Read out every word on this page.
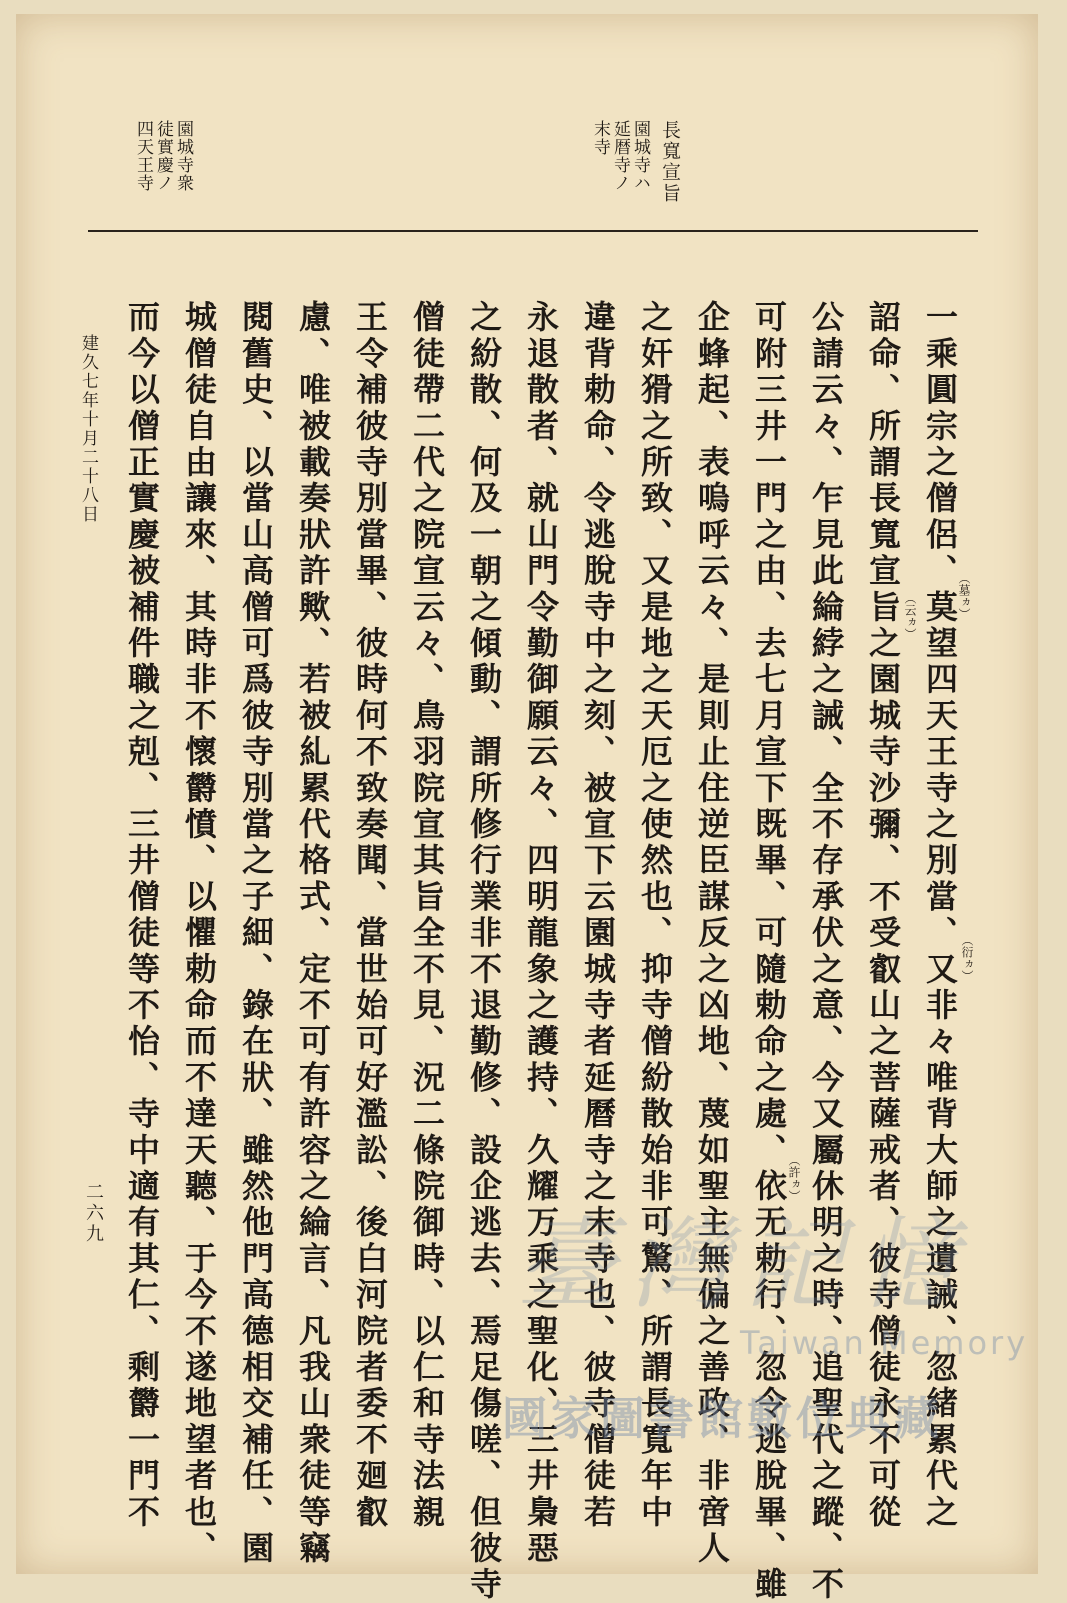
長寬宣旨
園城寺ハ
延暦寺ノ
末寺
園城寺衆
徒實慶ノ
四天王寺
一乘圓宗之僧侶、莫望四天王寺之別當、又非々唯背大師之遺誡、忽緒累代之
詔命、所謂長寬宣旨之園城寺沙彌、不受叡山之菩薩戒者、彼寺僧徒永不可從
公請云々、乍見此綸綍之誡、全不存承伏之意、今又屬休明之時、追聖代之蹤、不
可附三井一門之由、去七月宣下既畢、可隨勅命之處、依无勅行、忽令逃脫畢、雖
企蜂起、表嗚呼云々、是則止住逆臣謀反之凶地、蔑如聖主無偏之善政、非啻人
之奸猾之所致、又是地之天厄之使然也、抑寺僧紛散始非可驚、所謂長寬年中
違背勅命、令逃脫寺中之刻、被宣下云園城寺者延曆寺之末寺也、彼寺僧徒若
永退散者、就山門令勤御願云々、四明龍象之護持、久耀万乘之聖化、三井梟惡
之紛散、何及一朝之傾動、謂所修行業非不退勤修、設企逃去、焉足傷嗟、但彼寺
僧徒帶二代之院宣云々、鳥羽院宣其旨全不見、況二條院御時、以仁和寺法親
王令補彼寺別當畢、彼時何不致奏聞、當世始可好濫訟、後白河院者委不廻叡
慮、唯被載奏狀許歟、若被糺累代格式、定不可有許容之綸言、凡我山衆徒等竊
閱舊史、以當山高僧可爲彼寺別當之子細、錄在狀、雖然他門高德相交補任、園
城僧徒自由讓來、其時非不懷欝憤、以懼勅命而不達天聽、于今不遂地望者也、
而今以僧正實慶被補件職之剋、三井僧徒等不怡、寺中適有其仁、剩欝一門不	（墓ヵ）
（衍ヵ）
（云ヵ）
（許ヵ）
建久七年十月二十八日
二六九	臺灣記憶
Taiwan Memory
國家圖書館數位典藏
